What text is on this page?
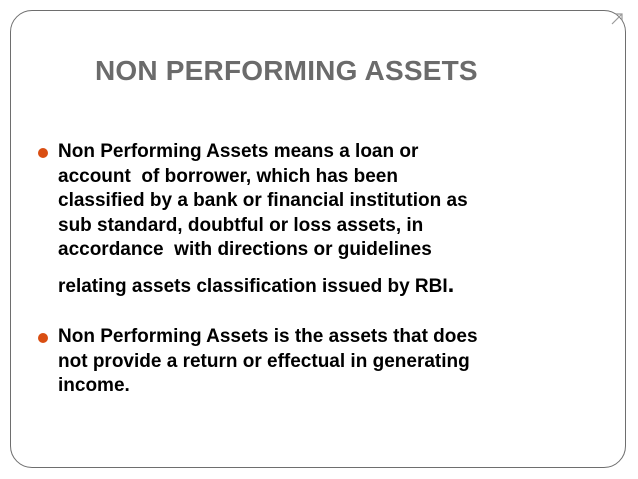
NON PERFORMING ASSETS
Non Performing Assets means a loan or
account  of borrower, which has been
classified by a bank or financial institution as
sub standard, doubtful or loss assets, in
accordance  with directions or guidelines
relating assets classification issued by RBI.
Non Performing Assets is the assets that does
not provide a return or effectual in generating
income.
